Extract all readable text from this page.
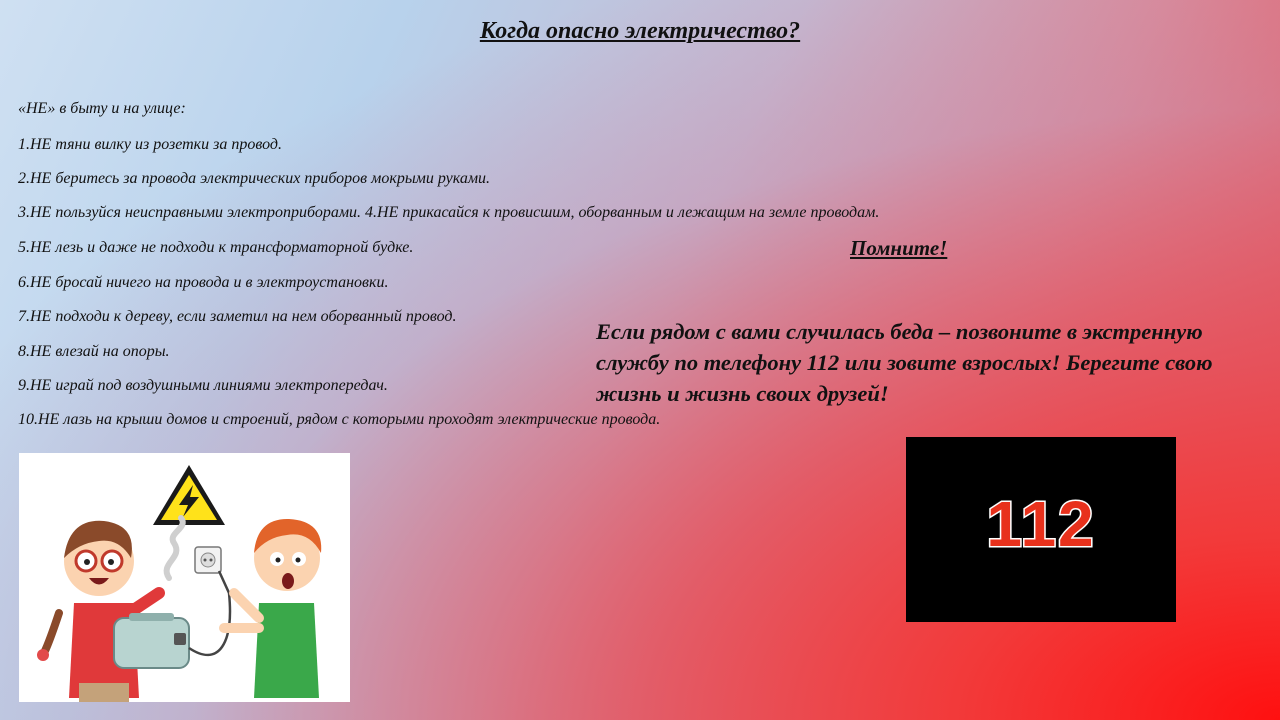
Когда опасно электричество?
«НЕ» в быту и на улице:
1.НЕ тяни вилку из розетки за провод.
2.НЕ беритесь за провода электрических приборов мокрыми руками.
3.НЕ пользуйся неисправными электроприборами. 4.НЕ прикасайся к провисшим, оборванным и лежащим на земле проводам.
5.НЕ лезь и даже не подходи к трансформаторной будке.
6.НЕ бросай ничего на провода и в электроустановки.
7.НЕ подходи к дереву, если заметил на нем оборванный провод.
8.НЕ влезай на опоры.
9.НЕ играй под воздушными линиями электропередач.
10.НЕ лазь на крыши домов и строений, рядом с которыми проходят электрические провода.
Помните!
Если рядом с вами случилась беда – позвоните в экстренную службу по телефону 112 или зовите взрослых! Берегите свою жизнь и жизнь своих друзей!
112
